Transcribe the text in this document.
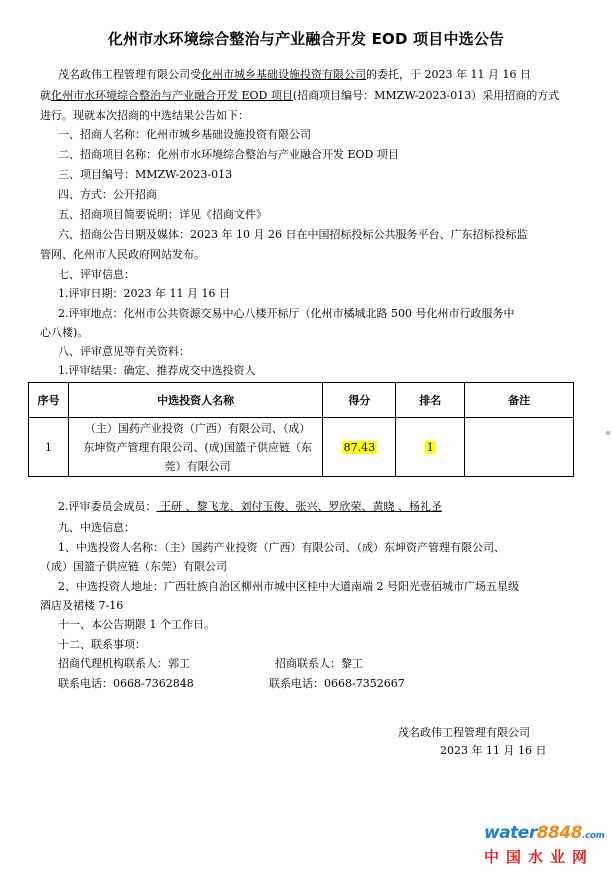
化州市水环境综合整治与产业融合开发 EOD 项目中选公告
茂名政伟工程管理有限公司受化州市城乡基础设施投资有限公司的委托，于 2023 年 11 月 16 日
就化州市水环境综合整治与产业融合开发 EOD 项目(招商项目编号：MMZW-2023-013）采用招商的方式
进行。现就本次招商的中选结果公告如下：
一、招商人名称：化州市城乡基础设施投资有限公司
二、招商项目名称：化州市水环境综合整治与产业融合开发 EOD 项目
三、项目编号：MMZW-2023-013
四、方式：公开招商
五、招商项目简要说明：详见《招商文件》
六、招商公告日期及媒体：2023 年 10 月 26 日在中国招标投标公共服务平台、广东招标投标监
管网、化州市人民政府网站发布。
七、评审信息：
1.评审日期：2023 年 11 月 16 日
2.评审地点：化州市公共资源交易中心八楼开标厅（化州市橘城北路 500 号化州市行政服务中
心八楼)。
八、评审意见等有关资料：
1.评审结果：确定、推荐成交中选投资人
序号	中选投资人名称	得分	排名	备注
1	（主）国药产业投资（广西）有限公司、（成）
东坤资产管理有限公司、(成)国篮子供应链（东
莞）有限公司	87.43	1	
2.评审委员会成员： 王研 、黎飞龙、刘付玉俊、张兴、罗欣荣、黄晓 、杨礼圣
九、中选信息：
1、中选投资人名称：（主）国药产业投资（广西）有限公司、（成）东坤资产管理有限公司、
（成）国篮子供应链（东莞）有限公司
2、中选投资人地址：广西壮族自治区柳州市城中区桂中大道南端 2 号阳光壹佰城市广场五星级
酒店及裙楼 7-16
十一、本公告期限 1 个工作日。
十二、联系事项：
招商代理机构联系人：郭工	招商联系人：黎工
联系电话：0668-7362848	联系电话：0668-7352667
茂名政伟工程管理有限公司
2023 年 11 月 16 日
water8848.com
中国水业网
